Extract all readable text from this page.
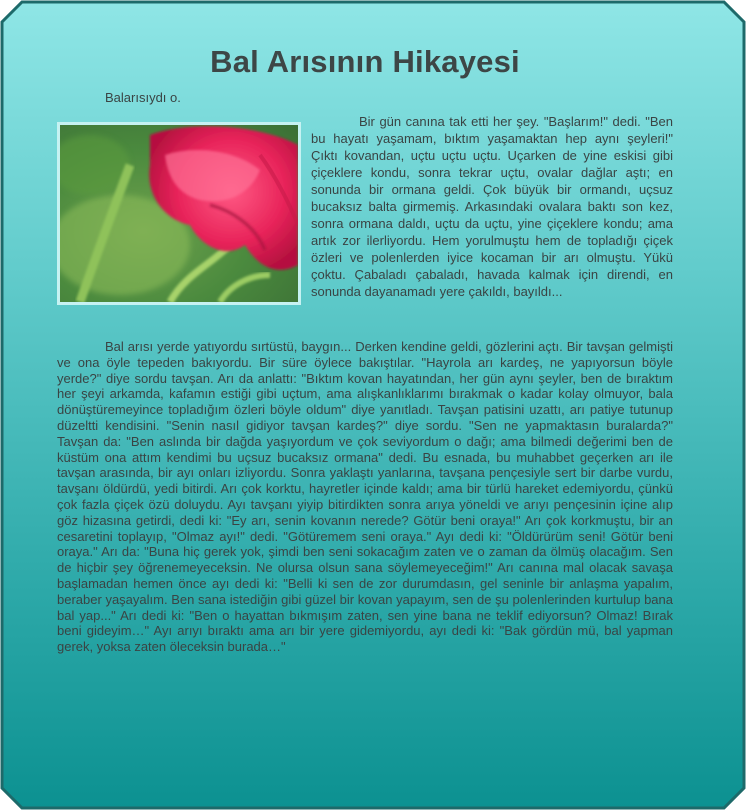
Bal Arısının Hikayesi
Balarısıydı o.

Bir gün canına tak etti her şey. "Başlarım!" dedi. "Ben bu hayatı yaşamam, bıktım yaşamaktan hep aynı şeyleri!" Çıktı kovandan, uçtu uçtu uçtu. Uçarken de yine eskisi gibi çiçeklere kondu, sonra tekrar uçtu, ovalar dağlar aştı; en sonunda bir ormana geldi. Çok büyük bir ormandı, uçsuz bucaksız balta girmemiş. Arkasındaki ovalara baktı son kez, sonra ormana daldı, uçtu da uçtu, yine çiçeklere kondu; ama artık zor ilerliyordu. Hem yorulmuştu hem de topladığı çiçek özleri ve polenlerden iyice kocaman bir arı olmuştu. Yükü çoktu. Çabaladı çabaladı, havada kalmak için direndi, en sonunda dayanamadı yere çakıldı, bayıldı...

Bal arısı yerde yatıyordu sırtüstü, baygın... Derken kendine geldi, gözlerini açtı. Bir tavşan gelmişti ve ona öyle tepeden bakıyordu. Bir süre öylece bakıştılar. "Hayrola arı kardeş, ne yapıyorsun böyle yerde?" diye sordu tavşan. Arı da anlattı: "Bıktım kovan hayatından, her gün aynı şeyler, ben de bıraktım her şeyi arkamda, kafamın estiği gibi uçtum, ama alışkanlıklarımı bırakmak o kadar kolay olmuyor, bala dönüştüremeyince topladığım özleri böyle oldum" diye yanıtladı. Tavşan patisini uzattı, arı patiye tutunup düzeltti kendisini. "Senin nasıl gidiyor tavşan kardeş?" diye sordu. "Sen ne yapmaktasın buralarda?" Tavşan da: "Ben aslında bir dağda yaşıyordum ve çok seviyordum o dağı; ama bilmedi değerimi ben de küstüm ona attım kendimi bu uçsuz bucaksız ormana" dedi. Bu esnada, bu muhabbet geçerken arı ile tavşan arasında, bir ayı onları izliyordu. Sonra yaklaştı yanlarına, tavşana pençesiyle sert bir darbe vurdu, tavşanı öldürdü, yedi bitirdi. Arı çok korktu, hayretler içinde kaldı; ama bir türlü hareket edemiyordu, çünkü çok fazla çiçek özü doluydu. Ayı tavşanı yiyip bitirdikten sonra arıya yöneldi ve arıyı pençesinin içine alıp göz hizasına getirdi, dedi ki: "Ey arı, senin kovanın nerede? Götür beni oraya!" Arı çok korkmuştu, bir an cesaretini toplayıp, "Olmaz ayı!" dedi. "Götüremem seni oraya." Ayı dedi ki: "Öldürürüm seni! Götür beni oraya." Arı da: "Buna hiç gerek yok, şimdi ben seni sokacağım zaten ve o zaman da ölmüş olacağım. Sen de hiçbir şey öğrenemeyeceksin. Ne olursa olsun sana söylemeyeceğim!" Arı canına mal olacak savaşa başlamadan hemen önce ayı dedi ki: "Belli ki sen de zor durumdasın, gel seninle bir anlaşma yapalım, beraber yaşayalım. Ben sana istediğin gibi güzel bir kovan yapayım, sen de şu polenlerinden kurtulup bana bal yap..." Arı dedi ki: "Ben o hayattan bıkmışım zaten, sen yine bana ne teklif ediyorsun? Olmaz! Bırak beni gideyim…" Ayı arıyı bıraktı ama arı bir yere gidemiyordu, ayı dedi ki: "Bak gördün mü, bal yapman gerek, yoksa zaten öleceksin burada…"
